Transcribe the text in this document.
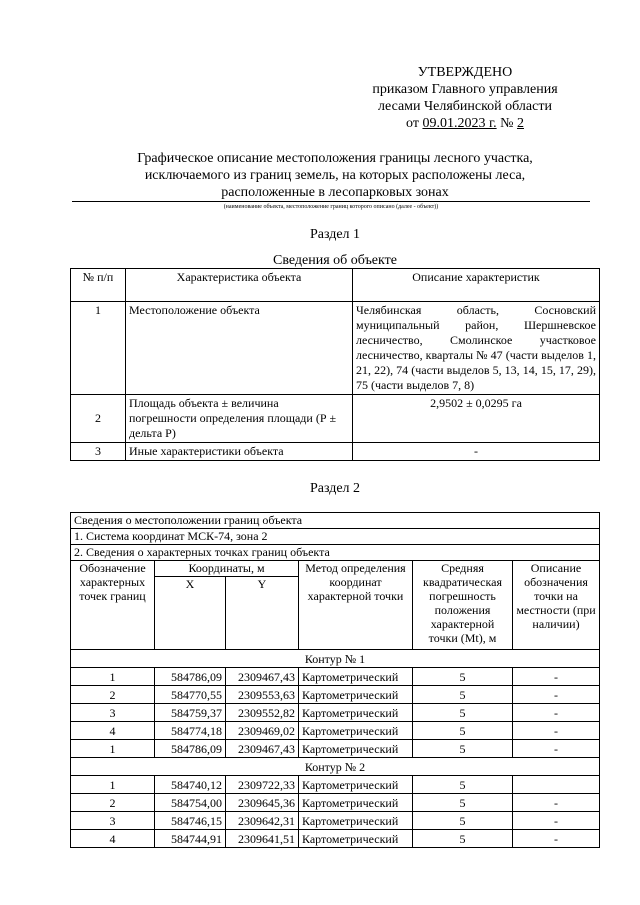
УТВЕРЖДЕНО
приказом Главного управления
лесами Челябинской области
от 09.01.2023 г. № 2
Графическое описание местоположения границы лесного участка,
исключаемого из границ земель, на которых расположены леса,
расположенные в лесопарковых зонах
(наименование объекта, местоположение границ которого описано (далее - объект))
Раздел 1
Сведения об объекте
№ п/п	Характеристика объекта	Описание характеристик
1	Местоположение объекта	Челябинская область, Сосновский муниципальный район, Шершневское лесничество, Смолинское участковое лесничество, кварталы № 47 (части выделов 1, 21, 22), 74 (части выделов 5, 13, 14, 15, 17, 29), 75 (части выделов 7, 8)
2	Площадь объекта ± величина погрешности определения площади (Р ± дельта Р)	2,9502 ± 0,0295 га
3	Иные характеристики объекта	-
Раздел 2
Сведения о местоположении границ объекта					
1. Система координат МСК-74, зона 2					
2. Сведения о характерных точках границ объекта					
Обозначение характерных точек границ	Координаты, м		Метод определения координат характерной точки	Средняя квадратическая погрешность положения характерной точки (Mt), м	Описание обозначения точки на местности (при наличии)
	X	Y			
Контур № 1					
1	584786,09	2309467,43	Картометрический	5	-
2	584770,55	2309553,63	Картометрический	5	-
3	584759,37	2309552,82	Картометрический	5	-
4	584774,18	2309469,02	Картометрический	5	-
1	584786,09	2309467,43	Картометрический	5	-
Контур № 2					
1	584740,12	2309722,33	Картометрический	5	
2	584754,00	2309645,36	Картометрический	5	-
3	584746,15	2309642,31	Картометрический	5	-
4	584744,91	2309641,51	Картометрический	5	-
